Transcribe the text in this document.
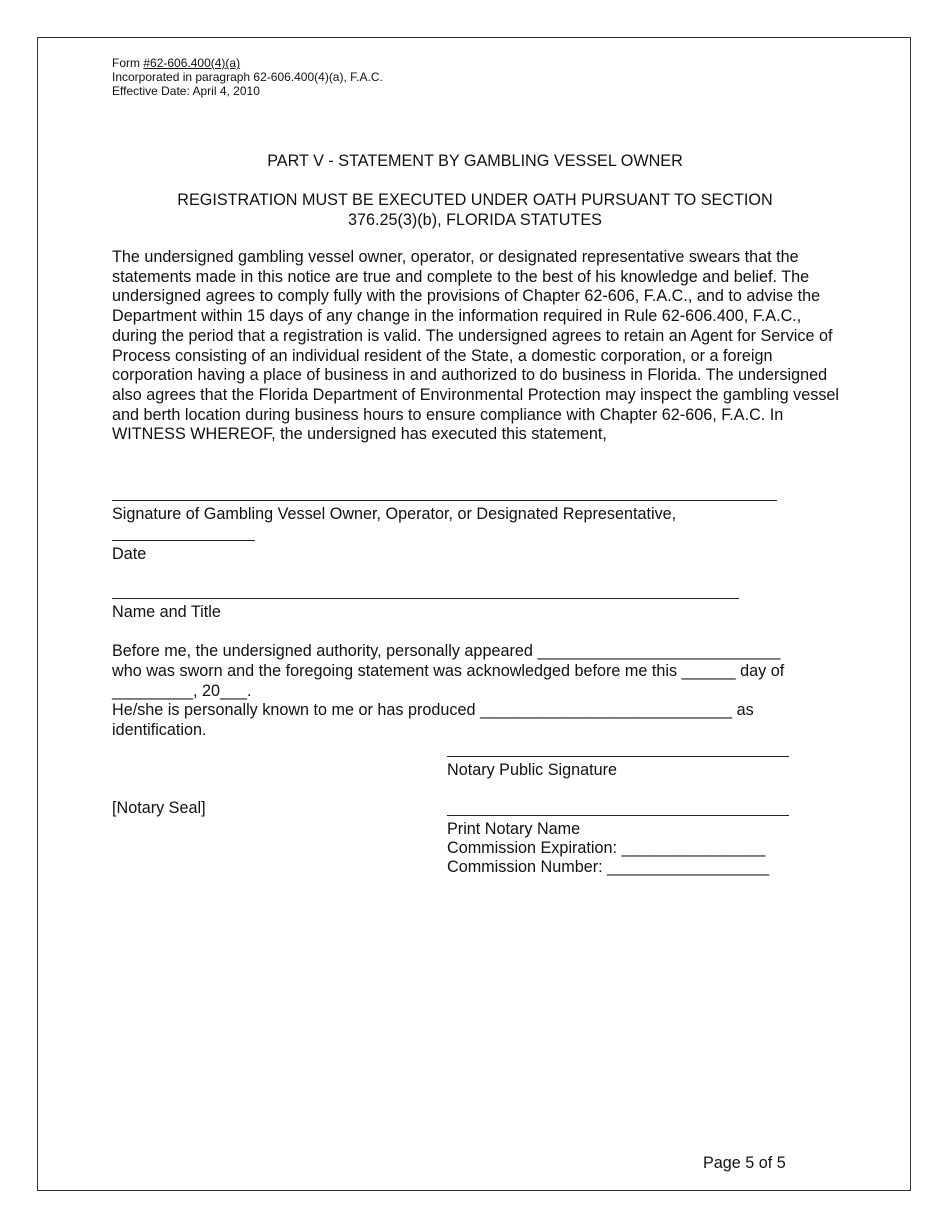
Form #62-606.400(4)(a)
Incorporated in paragraph 62-606.400(4)(a), F.A.C.
Effective Date: April 4, 2010
PART V - STATEMENT BY GAMBLING VESSEL OWNER
REGISTRATION MUST BE EXECUTED UNDER OATH PURSUANT TO SECTION
376.25(3)(b), FLORIDA STATUTES
The undersigned gambling vessel owner, operator, or designated representative swears that the statements made in this notice are true and complete to the best of his knowledge and belief. The undersigned agrees to comply fully with the provisions of Chapter 62-606, F.A.C., and to advise the Department within 15 days of any change in the information required in Rule 62-606.400, F.A.C., during the period that a registration is valid. The undersigned agrees to retain an Agent for Service of Process consisting of an individual resident of the State, a domestic corporation, or a foreign corporation having a place of business in and authorized to do business in Florida. The undersigned also agrees that the Florida Department of Environmental Protection may inspect the gambling vessel and berth location during business hours to ensure compliance with Chapter 62-606, F.A.C. In WITNESS WHEREOF, the undersigned has executed this statement,
Signature of Gambling Vessel Owner, Operator, or Designated Representative,
Date
Name and Title
Before me, the undersigned authority, personally appeared ___________________________
who was sworn and the foregoing statement was acknowledged before me this ______ day of
_________, 20___.
He/she is personally known to me or has produced ____________________________ as
identification.
Notary Public Signature
[Notary Seal]
Print Notary Name
Commission Expiration: ________________
Commission Number: __________________
Page 5 of 5
